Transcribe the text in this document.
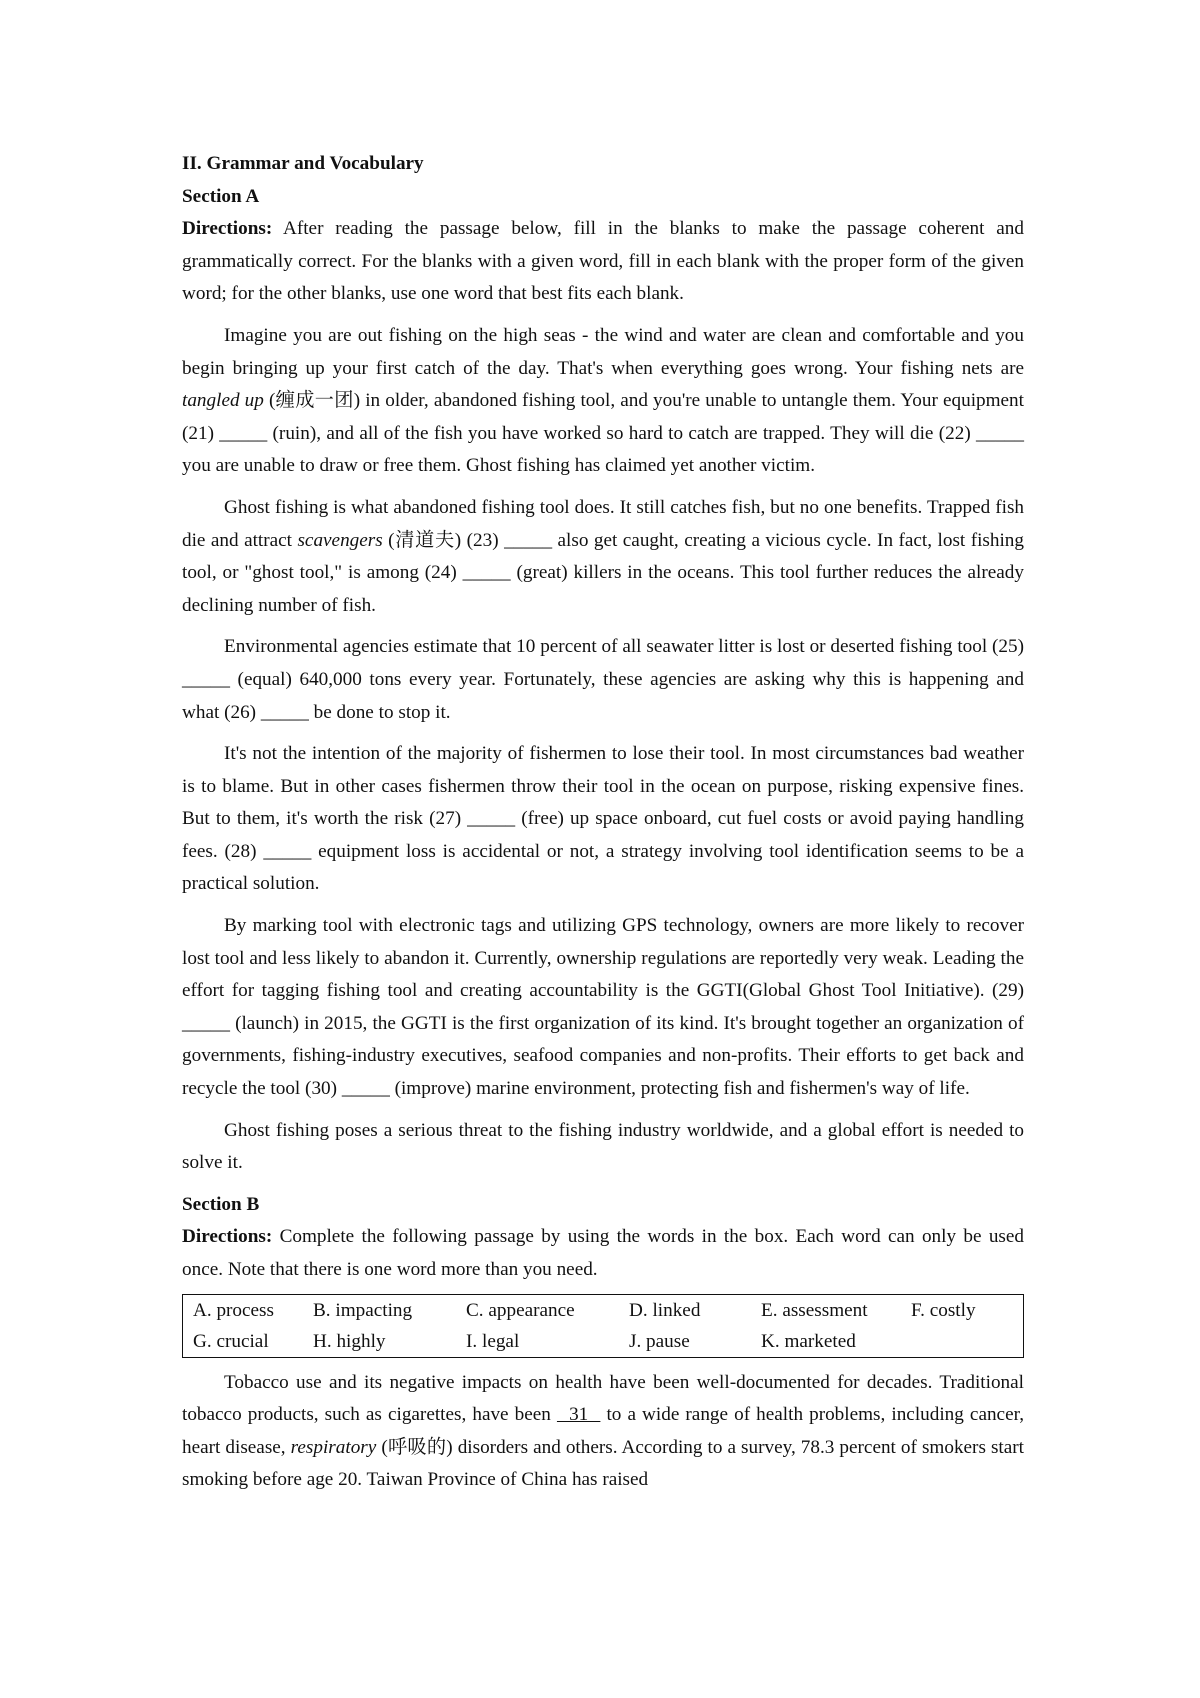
II. Grammar and Vocabulary

Section A

Directions: After reading the passage below, fill in the blanks to make the passage coherent and grammatically correct. For the blanks with a given word, fill in each blank with the proper form of the given word; for the other blanks, use one word that best fits each blank.

Imagine you are out fishing on the high seas - the wind and water are clean and comfortable and you begin bringing up your first catch of the day. That's when everything goes wrong. Your fishing nets are tangled up (缠成一团) in older, abandoned fishing tool, and you're unable to untangle them. Your equipment (21) _____ (ruin), and all of the fish you have worked so hard to catch are trapped. They will die (22) _____ you are unable to draw or free them. Ghost fishing has claimed yet another victim.

Ghost fishing is what abandoned fishing tool does. It still catches fish, but no one benefits. Trapped fish die and attract scavengers (清道夫) (23) _____ also get caught, creating a vicious cycle. In fact, lost fishing tool, or "ghost tool," is among (24) _____ (great) killers in the oceans. This tool further reduces the already declining number of fish.

Environmental agencies estimate that 10 percent of all seawater litter is lost or deserted fishing tool (25) _____ (equal) 640,000 tons every year. Fortunately, these agencies are asking why this is happening and what (26) _____ be done to stop it.

It's not the intention of the majority of fishermen to lose their tool. In most circumstances bad weather is to blame. But in other cases fishermen throw their tool in the ocean on purpose, risking expensive fines. But to them, it's worth the risk (27) _____ (free) up space onboard, cut fuel costs or avoid paying handling fees. (28) _____ equipment loss is accidental or not, a strategy involving tool identification seems to be a practical solution.

By marking tool with electronic tags and utilizing GPS technology, owners are more likely to recover lost tool and less likely to abandon it. Currently, ownership regulations are reportedly very weak. Leading the effort for tagging fishing tool and creating accountability is the GGTI(Global Ghost Tool Initiative). (29) _____ (launch) in 2015, the GGTI is the first organization of its kind. It's brought together an organization of governments, fishing-industry executives, seafood companies and non-profits. Their efforts to get back and recycle the tool (30) _____ (improve) marine environment, protecting fish and fishermen's way of life.

Ghost fishing poses a serious threat to the fishing industry worldwide, and a global effort is needed to solve it.

Section B

Directions: Complete the following passage by using the words in the box. Each word can only be used once. Note that there is one word more than you need.

A. process	B. impacting	C. appearance	D. linked	E. assessment	F. costly
G. crucial	H. highly	I. legal	J. pause	K. marketed

Tobacco use and its negative impacts on health have been well-documented for decades. Traditional tobacco products, such as cigarettes, have been   31   to a wide range of health problems, including cancer, heart disease, respiratory (呼吸的) disorders and others. According to a survey, 78.3 percent of smokers start smoking before age 20. Taiwan Province of China has raised
